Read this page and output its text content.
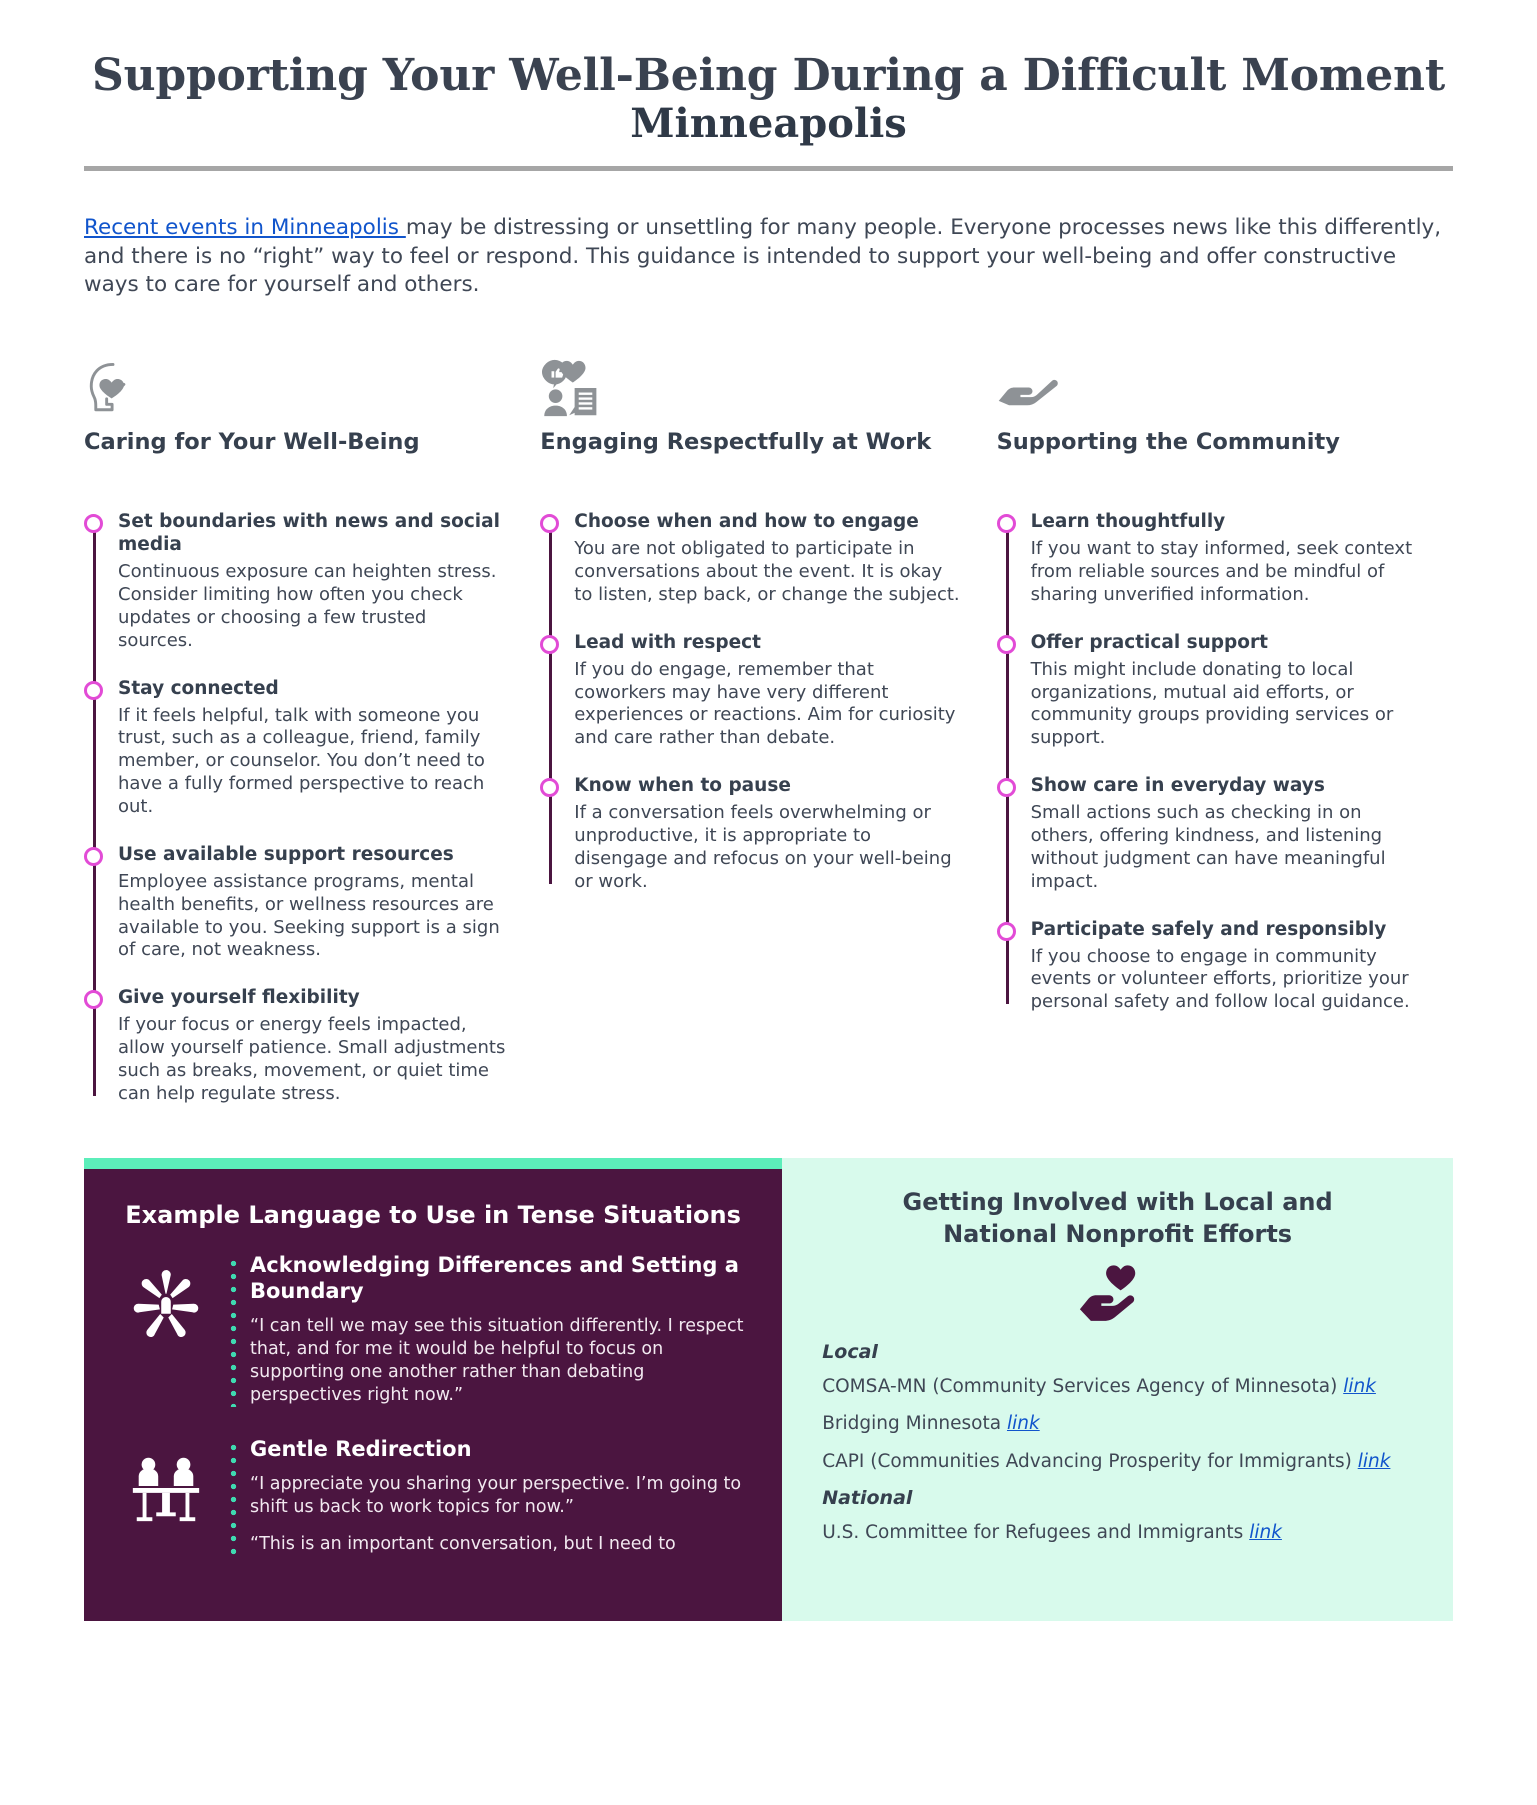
Supporting Your Well-Being During a Difficult Moment
Minneapolis

Recent events in Minneapolis may be distressing or unsettling for many people. Everyone processes news like this differently, and there is no “right” way to feel or respond. This guidance is intended to support your well-being and offer constructive ways to care for yourself and others.

Caring for Your Well-Being
Set boundaries with news and social media
Continuous exposure can heighten stress. Consider limiting how often you check updates or choosing a few trusted sources.
Stay connected
If it feels helpful, talk with someone you trust, such as a colleague, friend, family member, or counselor. You don’t need to have a fully formed perspective to reach out.
Use available support resources
Employee assistance programs, mental health benefits, or wellness resources are available to you. Seeking support is a sign of care, not weakness.
Give yourself flexibility
If your focus or energy feels impacted, allow yourself patience. Small adjustments such as breaks, movement, or quiet time can help regulate stress.
Engaging Respectfully at Work
Choose when and how to engage
You are not obligated to participate in conversations about the event. It is okay to listen, step back, or change the subject.
Lead with respect
If you do engage, remember that coworkers may have very different experiences or reactions. Aim for curiosity and care rather than debate.
Know when to pause
If a conversation feels overwhelming or unproductive, it is appropriate to disengage and refocus on your well-being or work.
Supporting the Community
Learn thoughtfully
If you want to stay informed, seek context from reliable sources and be mindful of sharing unverified information.
Offer practical support
This might include donating to local organizations, mutual aid efforts, or community groups providing services or support.
Show care in everyday ways
Small actions such as checking in on others, offering kindness, and listening without judgment can have meaningful impact.
Participate safely and responsibly
If you choose to engage in community events or volunteer efforts, prioritize your personal safety and follow local guidance.
Example Language to Use in Tense Situations
Acknowledging Differences and Setting a Boundary
“I can tell we may see this situation differently. I respect that, and for me it would be helpful to focus on supporting one another rather than debating perspectives right now.”
Gentle Redirection
“I appreciate you sharing your perspective. I’m going to shift us back to work topics for now.”
“This is an important conversation, but I need to
Getting Involved with Local and
National Nonprofit Efforts
Local
COMSA-MN (Community Services Agency of Minnesota) link
Bridging Minnesota link
CAPI (Communities Advancing Prosperity for Immigrants) link
National
U.S. Committee for Refugees and Immigrants link
